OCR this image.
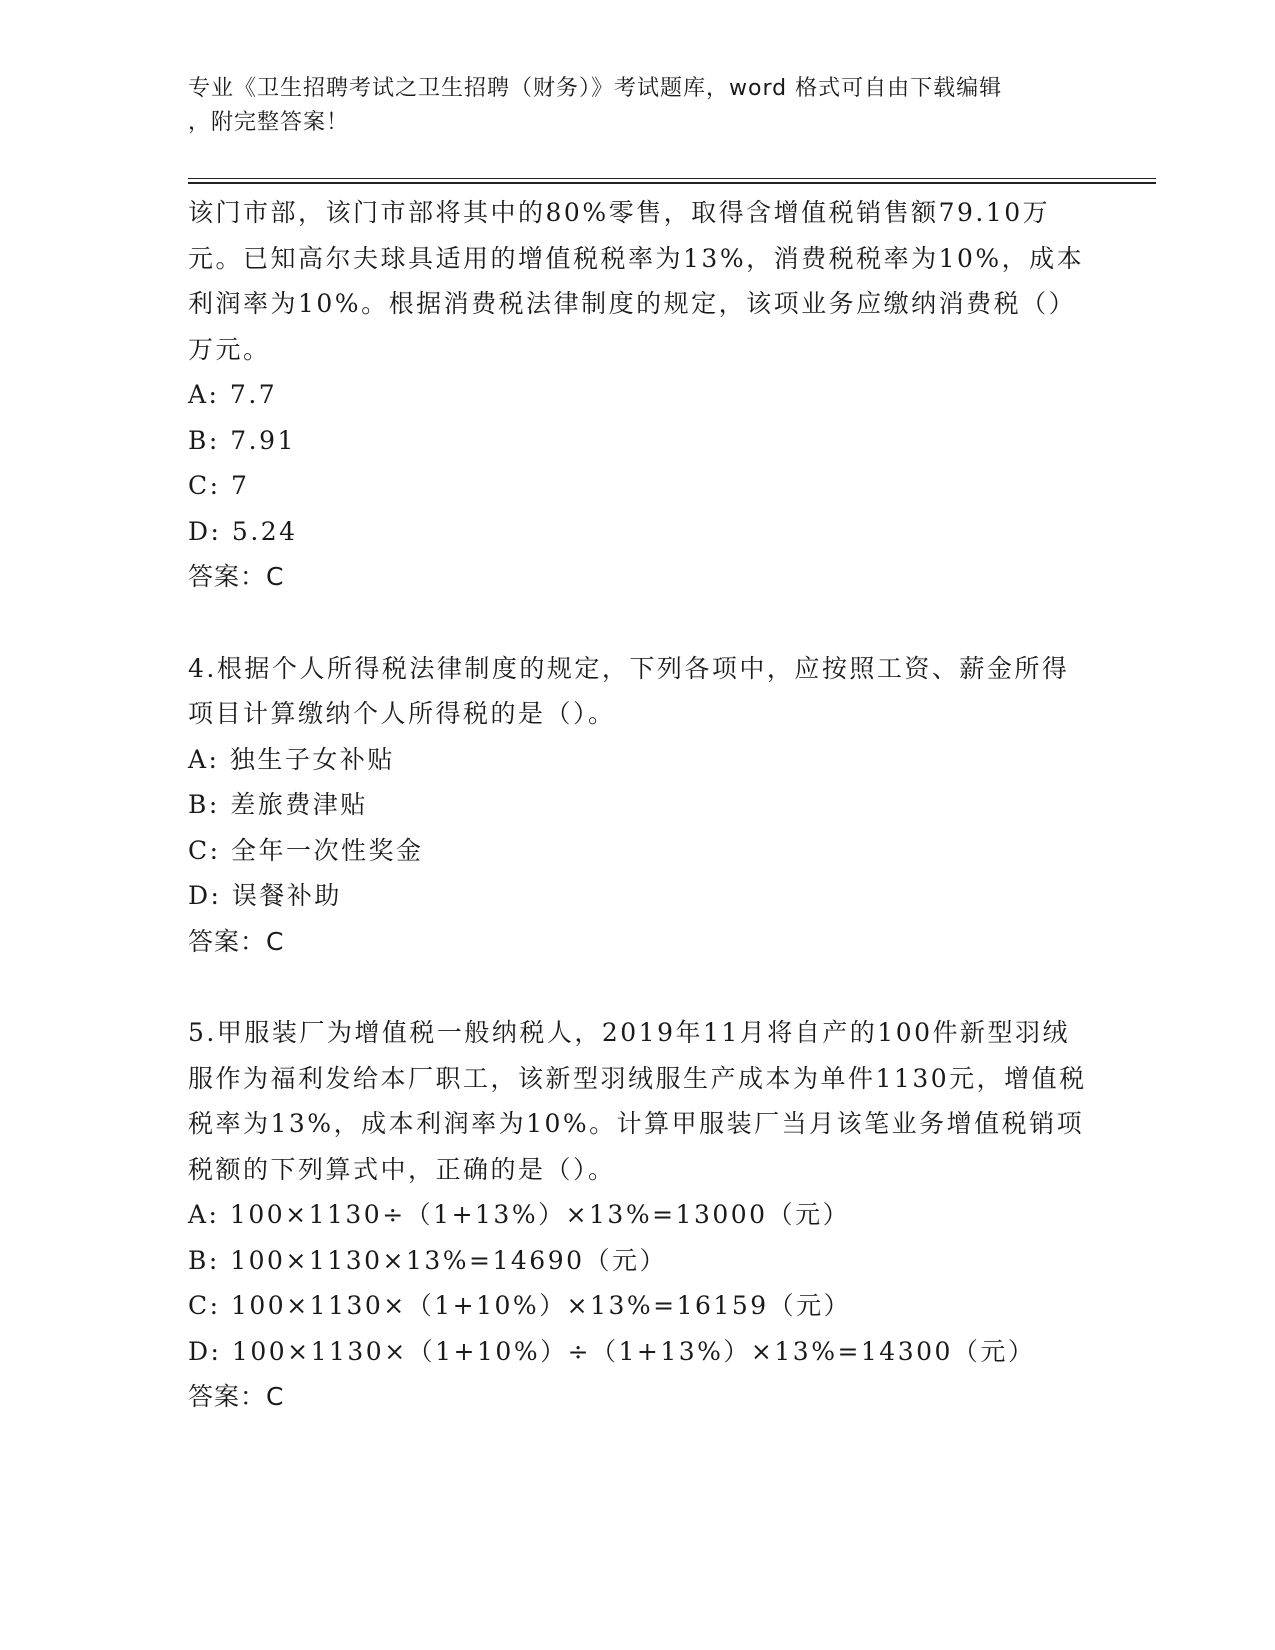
专业《卫生招聘考试之卫生招聘（财务）》考试题库，word 格式可自由下载编辑
，附完整答案！

该门市部，该门市部将其中的80%零售，取得含增值税销售额79.10万元。已知高尔夫球具适用的增值税税率为13%，消费税税率为10%，成本利润率为10%。根据消费税法律制度的规定，该项业务应缴纳消费税（）万元。

A: 7.7

B: 7.91

C: 7

D: 5.24

答案：C

4.根据个人所得税法律制度的规定，下列各项中，应按照工资、薪金所得项目计算缴纳个人所得税的是（）。

A: 独生子女补贴

B: 差旅费津贴

C: 全年一次性奖金

D: 误餐补助

答案：C

5.甲服装厂为增值税一般纳税人，2019年11月将自产的100件新型羽绒服作为福利发给本厂职工，该新型羽绒服生产成本为单件1130元，增值税税率为13%，成本利润率为10%。计算甲服装厂当月该笔业务增值税销项税额的下列算式中，正确的是（）。

A: 100×1130÷（1+13%）×13%=13000（元）

B: 100×1130×13%=14690（元）

C: 100×1130×（1+10%）×13%=16159（元）

D: 100×1130×（1+10%）÷（1+13%）×13%=14300（元）

答案：C
